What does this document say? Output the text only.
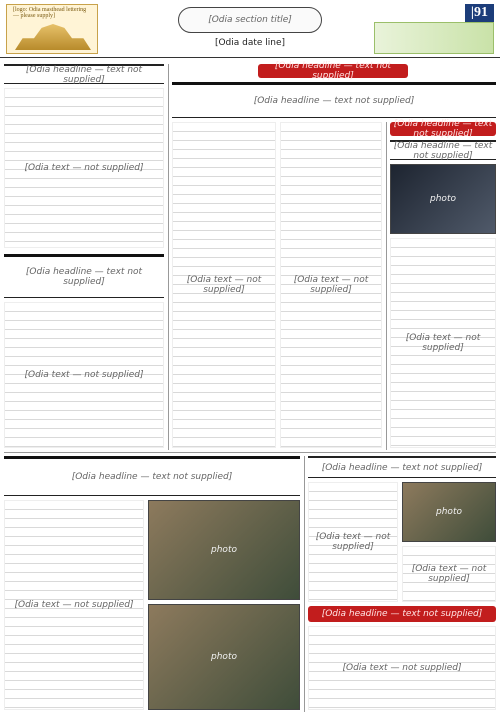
[logo: Odia masthead lettering — please supply]	[Odia section title]
[Odia date line]
|91
[Odia headline — text not supplied]
[Odia text — not supplied]
[Odia headline — text not supplied]
[Odia text — not supplied]
[Odia headline — text not supplied]
[Odia headline — text not supplied]
[Odia text — not supplied]
[Odia text — not supplied]
[Odia headline — text not supplied]
[Odia headline — text not supplied]
photo
[Odia text — not supplied]
[Odia headline — text not supplied]
[Odia text — not supplied]
photo
photo
[Odia headline — text not supplied]
[Odia text — not supplied]
photo
[Odia text — not supplied]
[Odia headline — text not supplied]
[Odia text — not supplied]
